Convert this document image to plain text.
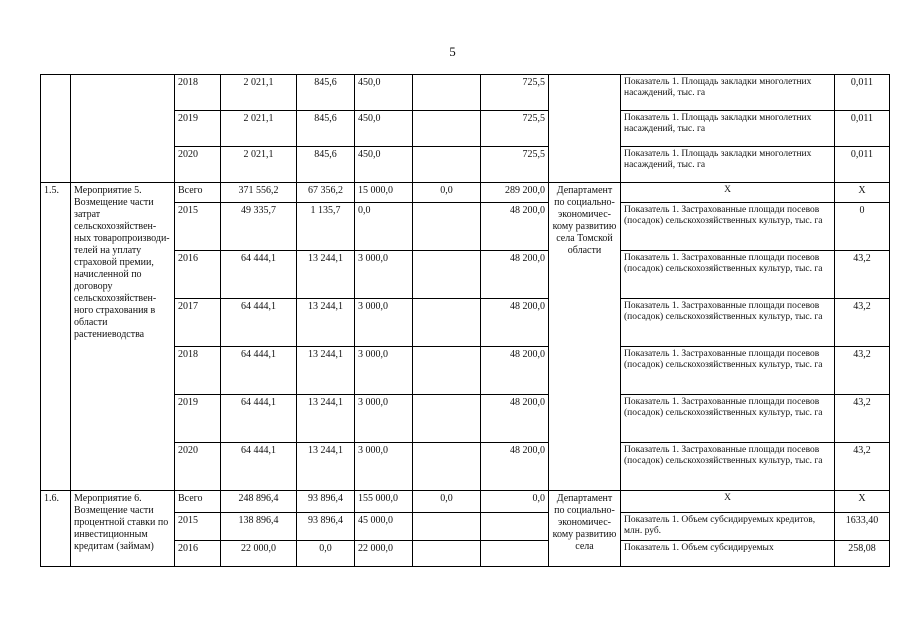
5
		2018	2 021,1	845,6	450,0		725,5		Показатель 1. Площадь закладки многолетних насаждений, тыс. га	0,011
		2019	2 021,1	845,6	450,0		725,5		Показатель 1. Площадь закладки многолетних насаждений, тыс. га	0,011
		2020	2 021,1	845,6	450,0		725,5		Показатель 1. Площадь закладки многолетних насаждений, тыс. га	0,011
1.5.	Мероприятие 5. Возмещение части затрат сельскохозяйствен-ных товаропроизводи-телей на уплату страховой премии, начисленной по договору сельскохозяйствен-ного страхования в области растениеводства	Всего	371 556,2	67 356,2	15 000,0	0,0	289 200,0	Департамент по социально-экономичес-кому развитию села Томской области	Х	Х
		2015	49 335,7	1 135,7	0,0		48 200,0		Показатель 1. Застрахованные площади посевов (посадок) сельскохозяйственных культур, тыс. га	0
		2016	64 444,1	13 244,1	3 000,0		48 200,0		Показатель 1. Застрахованные площади посевов (посадок) сельскохозяйственных культур, тыс. га	43,2
		2017	64 444,1	13 244,1	3 000,0		48 200,0		Показатель 1. Застрахованные площади посевов (посадок) сельскохозяйственных культур, тыс. га	43,2
		2018	64 444,1	13 244,1	3 000,0		48 200,0		Показатель 1. Застрахованные площади посевов (посадок) сельскохозяйственных культур, тыс. га	43,2
		2019	64 444,1	13 244,1	3 000,0		48 200,0		Показатель 1. Застрахованные площади посевов (посадок) сельскохозяйственных культур, тыс. га	43,2
		2020	64 444,1	13 244,1	3 000,0		48 200,0		Показатель 1. Застрахованные площади посевов (посадок) сельскохозяйственных культур, тыс. га	43,2
1.6.	Мероприятие 6. Возмещение части процентной ставки по инвестиционным кредитам (займам)	Всего	248 896,4	93 896,4	155 000,0	0,0	0,0	Департамент по социально-экономичес-кому развитию села	Х	Х
		2015	138 896,4	93 896,4	45 000,0				Показатель 1. Объем субсидируемых кредитов, млн. руб.	1633,40
		2016	22 000,0	0,0	22 000,0				Показатель 1. Объем субсидируемых	258,08
